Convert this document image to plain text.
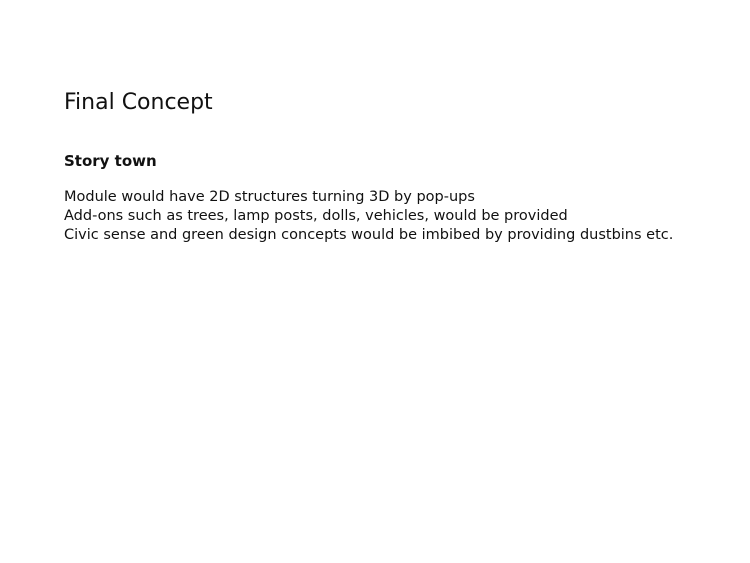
Final Concept
Story town
Module would have 2D structures turning 3D by pop-ups
Add-ons such as trees, lamp posts, dolls, vehicles, would be provided
Civic sense and green design concepts would be imbibed by providing dustbins etc.
